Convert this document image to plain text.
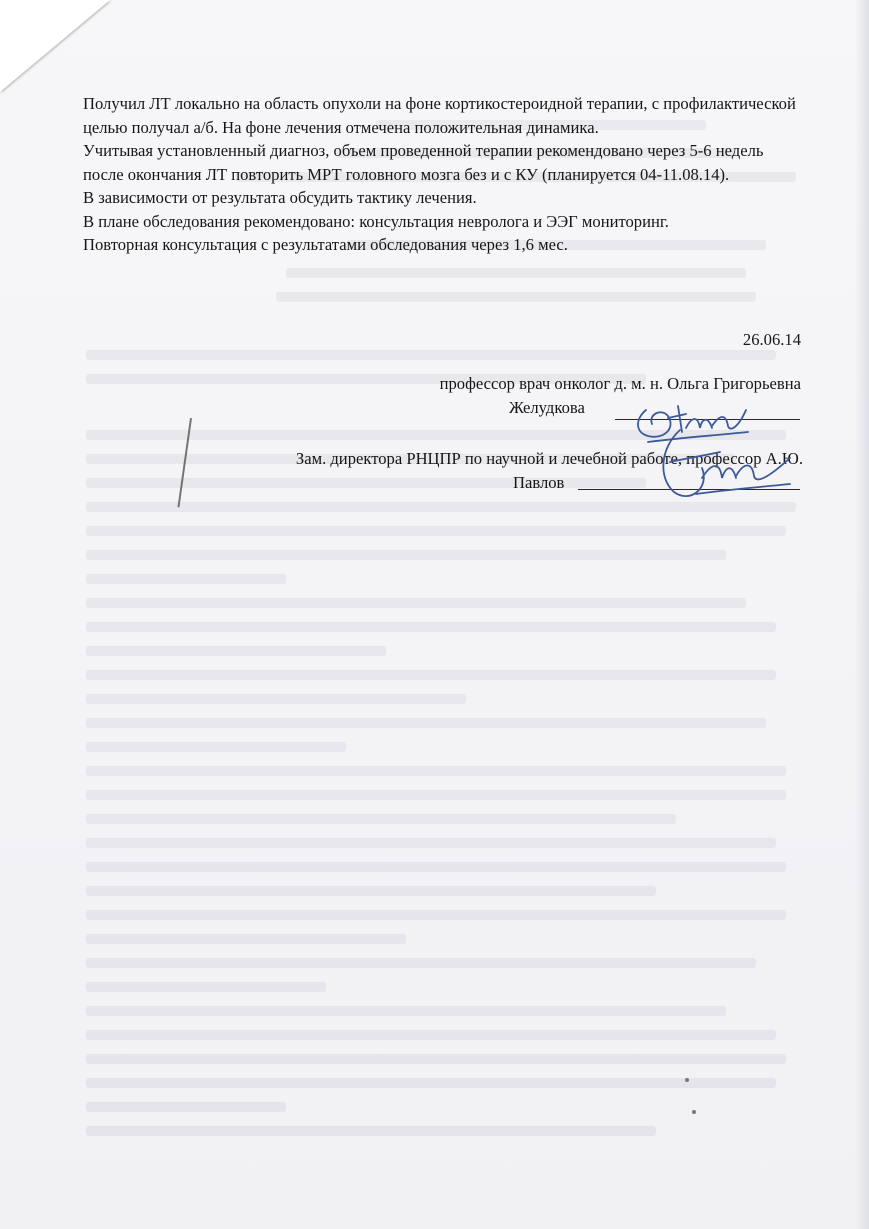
Получил ЛТ локально на область опухоли на фоне кортикостероидной терапии, с профилактической целью получал а/б. На фоне лечения отмечена положительная динамика.

Учитывая установленный диагноз, объем проведенной терапии рекомендовано через 5-6 недель после окончания ЛТ повторить МРТ головного мозга без и с КУ (планируется 04-11.08.14).

В зависимости от результата обсудить тактику лечения.

В плане обследования рекомендовано: консультация невролога и ЭЭГ мониторинг.

Повторная консультация с результатами обследования через 1,6 мес.

26.06.14
профессор врач онколог д. м. н. Ольга Григорьевна
Желудкова
Зам. директора РНЦПР по научной и лечебной работе, профессор А.Ю.
Павлов
